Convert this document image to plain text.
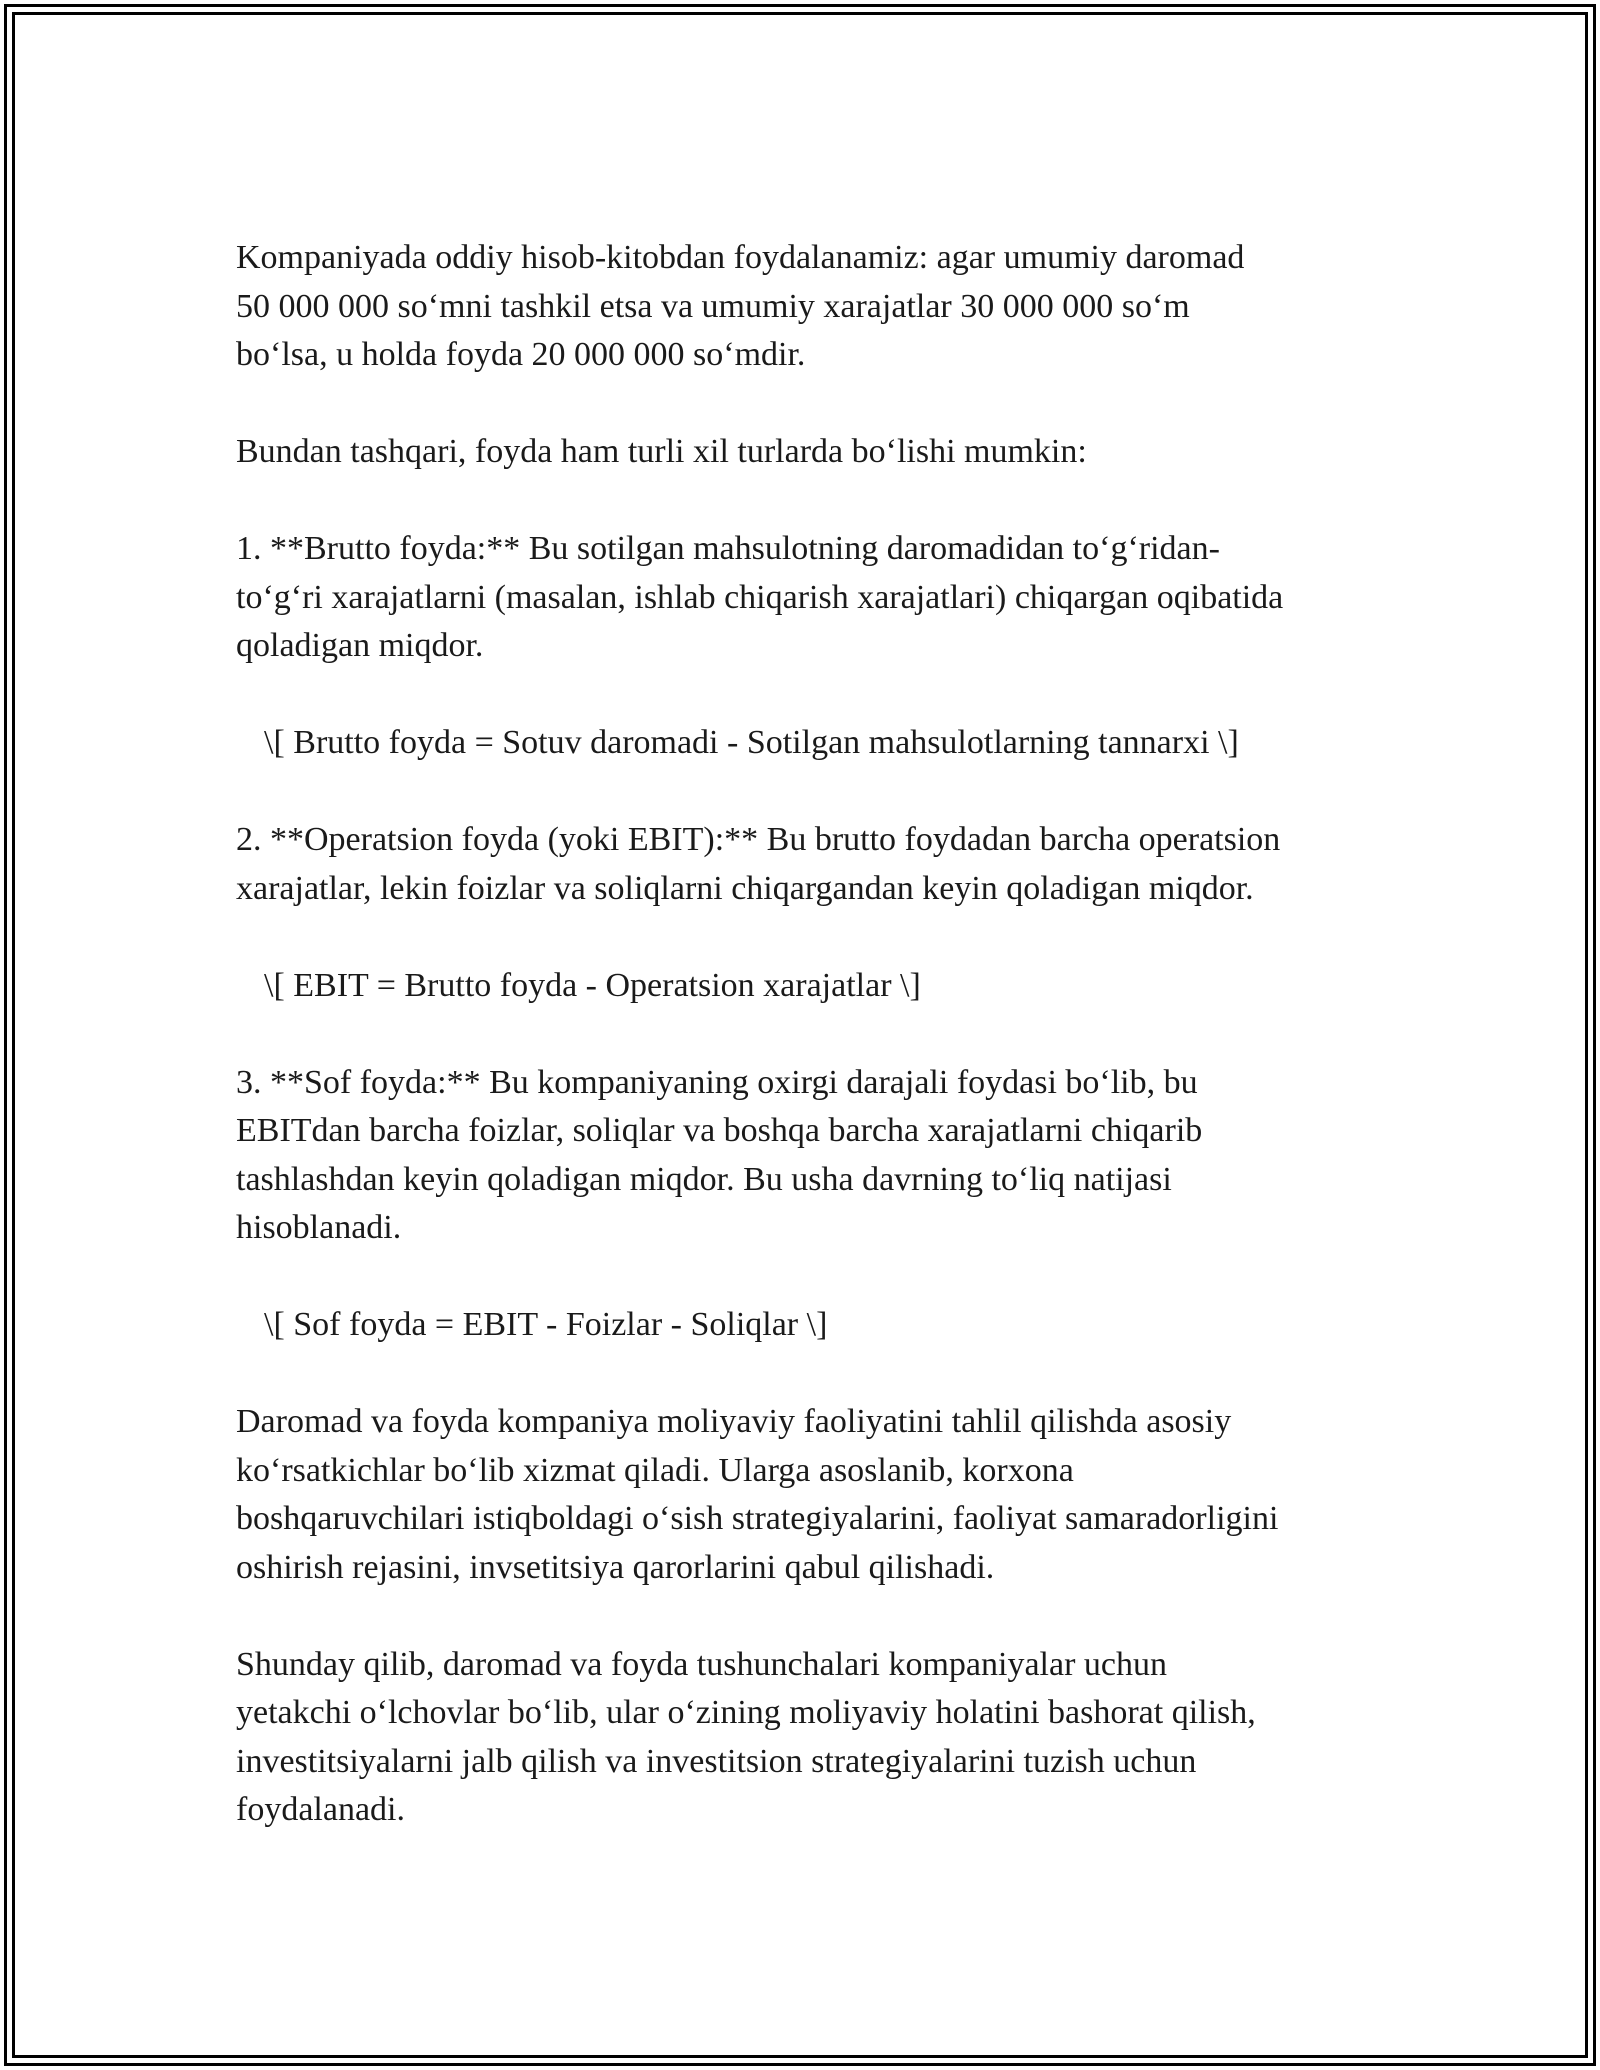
Kompaniyada oddiy hisob-kitobdan foydalanamiz: agar umumiy daromad
50 000 000 so‘mni tashkil etsa va umumiy xarajatlar 30 000 000 so‘m
bo‘lsa, u holda foyda 20 000 000 so‘mdir.

Bundan tashqari, foyda ham turli xil turlarda bo‘lishi mumkin:

1. **Brutto foyda:** Bu sotilgan mahsulotning daromadidan to‘g‘ridan-
to‘g‘ri xarajatlarni (masalan, ishlab chiqarish xarajatlari) chiqargan oqibatida
qoladigan miqdor.

\[ Brutto foyda = Sotuv daromadi - Sotilgan mahsulotlarning tannarxi \]

2. **Operatsion foyda (yoki EBIT):** Bu brutto foydadan barcha operatsion
xarajatlar, lekin foizlar va soliqlarni chiqargandan keyin qoladigan miqdor.

\[ EBIT = Brutto foyda - Operatsion xarajatlar \]

3. **Sof foyda:** Bu kompaniyaning oxirgi darajali foydasi bo‘lib, bu
EBITdan barcha foizlar, soliqlar va boshqa barcha xarajatlarni chiqarib
tashlashdan keyin qoladigan miqdor. Bu usha davrning to‘liq natijasi
hisoblanadi.

\[ Sof foyda = EBIT - Foizlar - Soliqlar \]

Daromad va foyda kompaniya moliyaviy faoliyatini tahlil qilishda asosiy
ko‘rsatkichlar bo‘lib xizmat qiladi. Ularga asoslanib, korxona
boshqaruvchilari istiqboldagi o‘sish strategiyalarini, faoliyat samaradorligini
oshirish rejasini, invsetitsiya qarorlarini qabul qilishadi.

Shunday qilib, daromad va foyda tushunchalari kompaniyalar uchun
yetakchi o‘lchovlar bo‘lib, ular o‘zining moliyaviy holatini bashorat qilish,
investitsiyalarni jalb qilish va investitsion strategiyalarini tuzish uchun
foydalanadi.
